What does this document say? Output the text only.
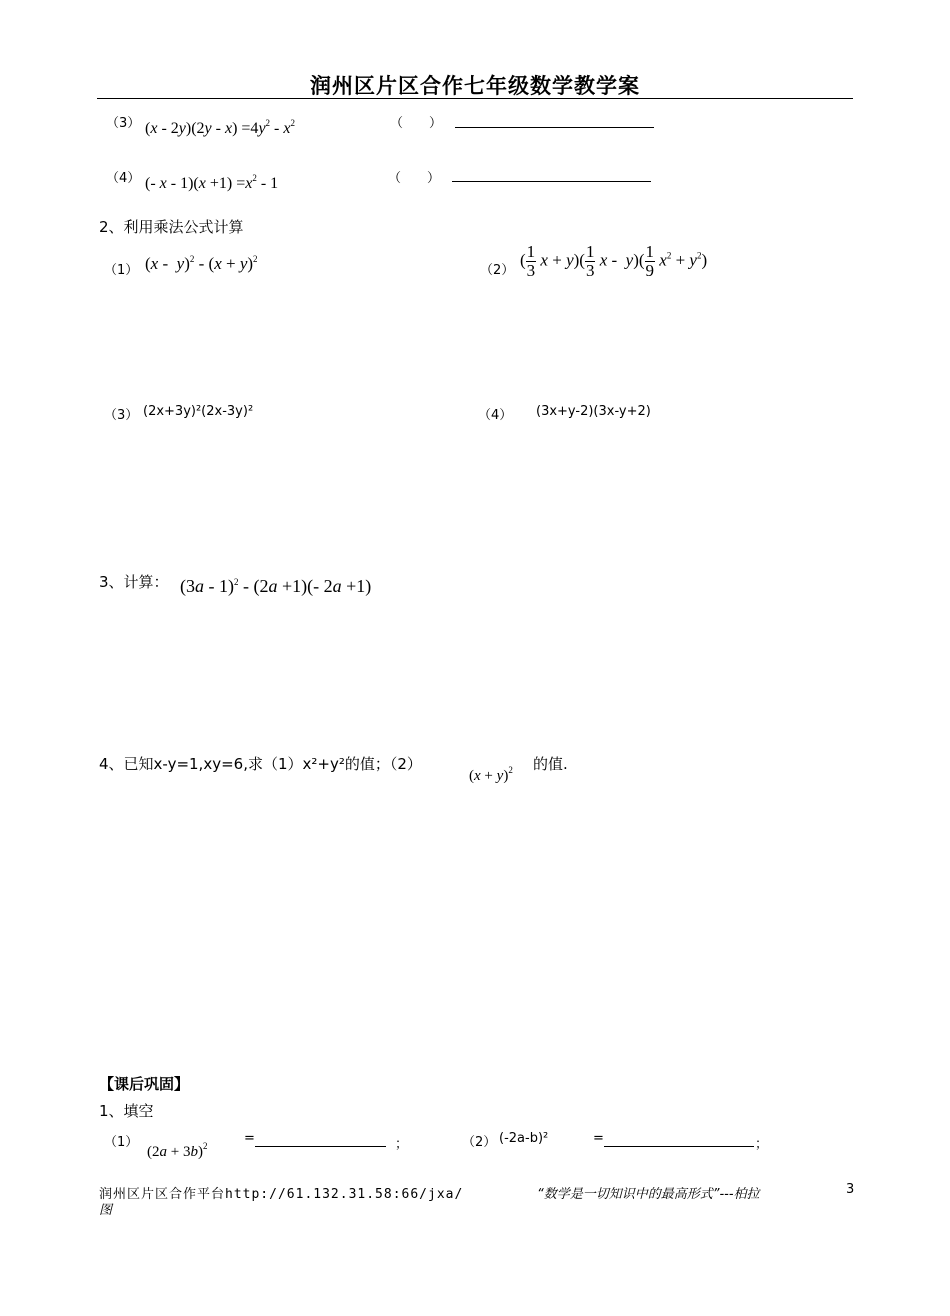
润州区片区合作七年级数学教学案
（3） $(x - 2y)(2y - x) =4y^2 - x^2$	（　　）
（4） (- $x - 1)(x +1) =x^2 - 1$	（　　）
2、利用乘法公式计算
（1） $(x - y)^2 - (x + y)^2$
（2）
( $\frac{1}{3}$ $x + y)( \frac{1}{3}$ $x - y)( \frac{1}{9} x^2 + y^2)$
（3） (2x+3y)²(2x-3y)²	（4） (3x+y-2)(3x-y+2)
3、计算： (3a - 1)$^2$ - (2a +1)(- 2a +1)
4、已知x-y=1,xy=6,求（1）x²+y²的值；（2）
$(x + y)^2$ 的值.
【课后巩固】
1、填空
（1）
$(2a + 3b)^2$	=	；	（2） (-2a-b)²	=	；
润州区片区合作平台http://61.132.31.58:66/jxa/	“数学是一切知识中的最高形式”---柏拉
图
3
